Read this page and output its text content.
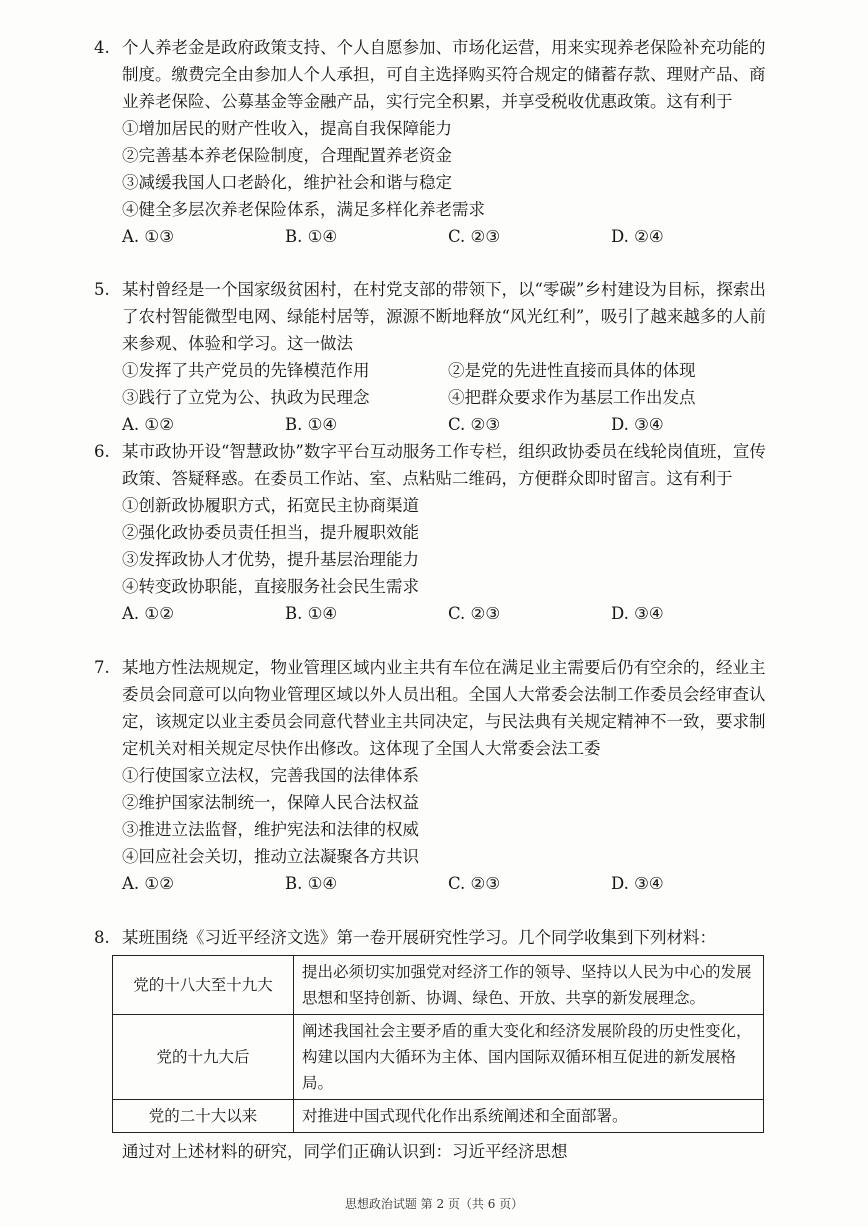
4. 个人养老金是政府政策支持、个人自愿参加、市场化运营，用来实现养老保险补充功能的制度。缴费完全由参加人个人承担，可自主选择购买符合规定的储蓄存款、理财产品、商业养老保险、公募基金等金融产品，实行完全积累，并享受税收优惠政策。这有利于

①增加居民的财产性收入，提高自我保障能力

②完善基本养老保险制度，合理配置养老资金

③减缓我国人口老龄化，维护社会和谐与稳定

④健全多层次养老保险体系，满足多样化养老需求

A. ①③	B. ①④	C. ②③	D. ②④

5. 某村曾经是一个国家级贫困村，在村党支部的带领下，以“零碳”乡村建设为目标，探索出了农村智能微型电网、绿能村居等，源源不断地释放“风光红利”，吸引了越来越多的人前来参观、体验和学习。这一做法

①发挥了共产党员的先锋模范作用	②是党的先进性直接而具体的体现
③践行了立党为公、执政为民理念	④把群众要求作为基层工作出发点
A. ①②	B. ①④	C. ②③	D. ③④

6. 某市政协开设“智慧政协”数字平台互动服务工作专栏，组织政协委员在线轮岗值班，宣传政策、答疑释惑。在委员工作站、室、点粘贴二维码，方便群众即时留言。这有利于

①创新政协履职方式，拓宽民主协商渠道

②强化政协委员责任担当，提升履职效能

③发挥政协人才优势，提升基层治理能力

④转变政协职能，直接服务社会民生需求

A. ①②	B. ①④	C. ②③	D. ③④

7. 某地方性法规规定，物业管理区域内业主共有车位在满足业主需要后仍有空余的，经业主委员会同意可以向物业管理区域以外人员出租。全国人大常委会法制工作委员会经审查认定，该规定以业主委员会同意代替业主共同决定，与民法典有关规定精神不一致，要求制定机关对相关规定尽快作出修改。这体现了全国人大常委会法工委

①行使国家立法权，完善我国的法律体系

②维护国家法制统一，保障人民合法权益

③推进立法监督，维护宪法和法律的权威

④回应社会关切，推动立法凝聚各方共识

A. ①②	B. ①④	C. ②③	D. ③④

8. 某班围绕《习近平经济文选》第一卷开展研究性学习。几个同学收集到下列材料：

党的十八大至十九大	提出必须切实加强党对经济工作的领导、坚持以人民为中心的发展思想和坚持创新、协调、绿色、开放、共享的新发展理念。
党的十九大后	阐述我国社会主要矛盾的重大变化和经济发展阶段的历史性变化，构建以国内大循环为主体、国内国际双循环相互促进的新发展格局。
党的二十大以来	对推进中国式现代化作出系统阐述和全面部署。
通过对上述材料的研究，同学们正确认识到：习近平经济思想
思想政治试题 第 2 页（共 6 页）
